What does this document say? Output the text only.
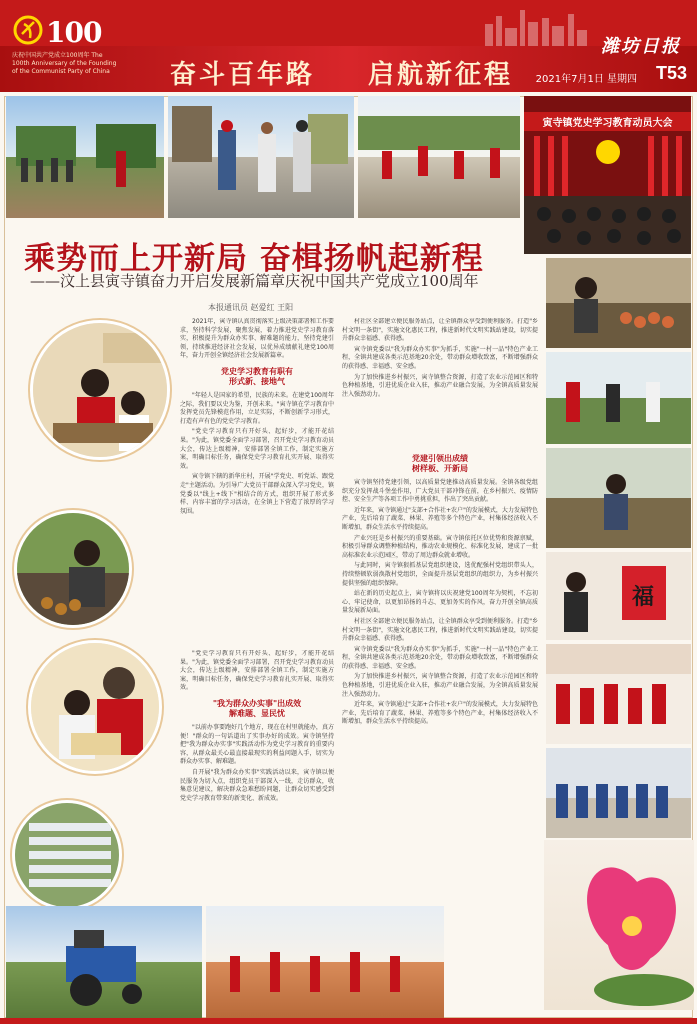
100
庆祝中国共产党成立100周年 The 100th Anniversary of the Founding of the Communist Party of China	奋斗百年路 启航新征程
潍坊日报
2021年7月1日 星期四 T53
寅寺镇党史学习教育动员大会
乘势而上开新局 奋楫扬帆起新程
——汶上县寅寺镇奋力开启发展新篇章庆祝中国共产党成立100周年
本报通讯员 赵爱红 王阳

2021年，寅寺镇认真贯彻落实上级决策部署和工作要求，坚持科学发展，聚焦发展，着力推进党史学习教育落实，积极提升为群众办实事、解难题的能力，坚持党建引领，持续推进经济社会发展，以优异成绩献礼建党100周年，奋力开创全镇经济社会发展新篇章。

党史学习教育有职有
形式新、接地气

"年轻人是国家的希望，民族的未来。在建党100周年之际，我们要以史为鉴，开创未来。"寅寺镇在学习教育中发挥党员先锋模范作用，立足实际，不断创新学习形式，打造有声有色的党史学习教育。

"党史学习教育只有开好头、起好步，才能开花结果。"为此，镇党委全面学习部署，召开党史学习教育动员大会，传达上级精神，安排部署全镇工作，制定实施方案，明确目标任务，确保党史学习教育扎实开展、取得实效。

寅寺镇下辖的新华庄村，开展"学党史、听党话、跟党走"主题活动。为引导广大党员干部群众深入学习党史，镇党委以"线上+线下"相结合的方式，组织开展了形式多样、内容丰富的学习活动，在全镇上下营造了浓厚的学习氛围。

"党史学习教育只有开好头、起好步，才能开花结果。"为此，镇党委全面学习部署，召开党史学习教育动员大会，传达上级精神，安排部署全镇工作，制定实施方案，明确目标任务，确保党史学习教育扎实开展、取得实效。

"我为群众办实事"出成效
解难题、显民忧

"以前办事要跑好几个地方，现在在村里就能办，真方便！"群众的一句话道出了实事办好的成效。寅寺镇坚持把"我为群众办实事"实践活动作为党史学习教育的重要内容，从群众最关心最直接最现实的利益问题入手，切实为群众办实事、解难题。

自开展"我为群众办实事"实践活动以来，寅寺镇以便民服务为切入点，组织党员干部深入一线，走访群众，收集意见建议，解决群众急难愁盼问题，让群众切实感受到党史学习教育带来的新变化、新成效。

村社区全部建立便民服务站点，让全镇群众享受到便利服务。打造"乡村文明一条街"，实施文化惠民工程，推进新时代文明实践站建设，切实提升群众幸福感、获得感。

寅寺镇党委以"我为群众办实事"为抓手，实施"一村一品"特色产业工程，全镇共建成各类示范基地20余处，带动群众增收致富，不断增强群众的获得感、幸福感、安全感。

为了加快推进乡村振兴，寅寺镇整合资源，打造了农业示范园区和特色种植基地，引进优质企业入驻，推动产业融合发展，为全镇高质量发展注入强劲动力。

党建引领出成绩
树样板、开新局

寅寺镇坚持党建引领，以高质量党建推动高质量发展。全镇各级党组织充分发挥战斗堡垒作用，广大党员干部冲锋在前，在乡村振兴、疫情防控、安全生产等各项工作中勇挑重担，作出了突出贡献。

近年来，寅寺镇通过"支部+合作社+农户"的发展模式，大力发展特色产业，先后培育了蔬菜、林果、养殖等多个特色产业，村集体经济收入不断增加，群众生活水平持续提高。

产业兴旺是乡村振兴的重要基础。寅寺镇依托区位优势和资源禀赋，积极引导群众调整种植结构，推动农业规模化、标准化发展，建成了一批高标准农业示范园区，带动了周边群众就业增收。

与此同时，寅寺镇狠抓基层党组织建设，选优配强村党组织带头人，持续整顿软弱涣散村党组织，全面提升基层党组织的组织力，为乡村振兴提供坚强的组织保障。

站在新的历史起点上，寅寺镇将以庆祝建党100周年为契机，不忘初心、牢记使命，以更加昂扬的斗志、更加务实的作风，奋力开创全镇高质量发展新局面。

村社区全部建立便民服务站点，让全镇群众享受到便利服务。打造"乡村文明一条街"，实施文化惠民工程，推进新时代文明实践站建设，切实提升群众幸福感、获得感。

寅寺镇党委以"我为群众办实事"为抓手，实施"一村一品"特色产业工程，全镇共建成各类示范基地20余处，带动群众增收致富，不断增强群众的获得感、幸福感、安全感。

为了加快推进乡村振兴，寅寺镇整合资源，打造了农业示范园区和特色种植基地，引进优质企业入驻，推动产业融合发展，为全镇高质量发展注入强劲动力。

近年来，寅寺镇通过"支部+合作社+农户"的发展模式，大力发展特色产业，先后培育了蔬菜、林果、养殖等多个特色产业，村集体经济收入不断增加，群众生活水平持续提高。

福
